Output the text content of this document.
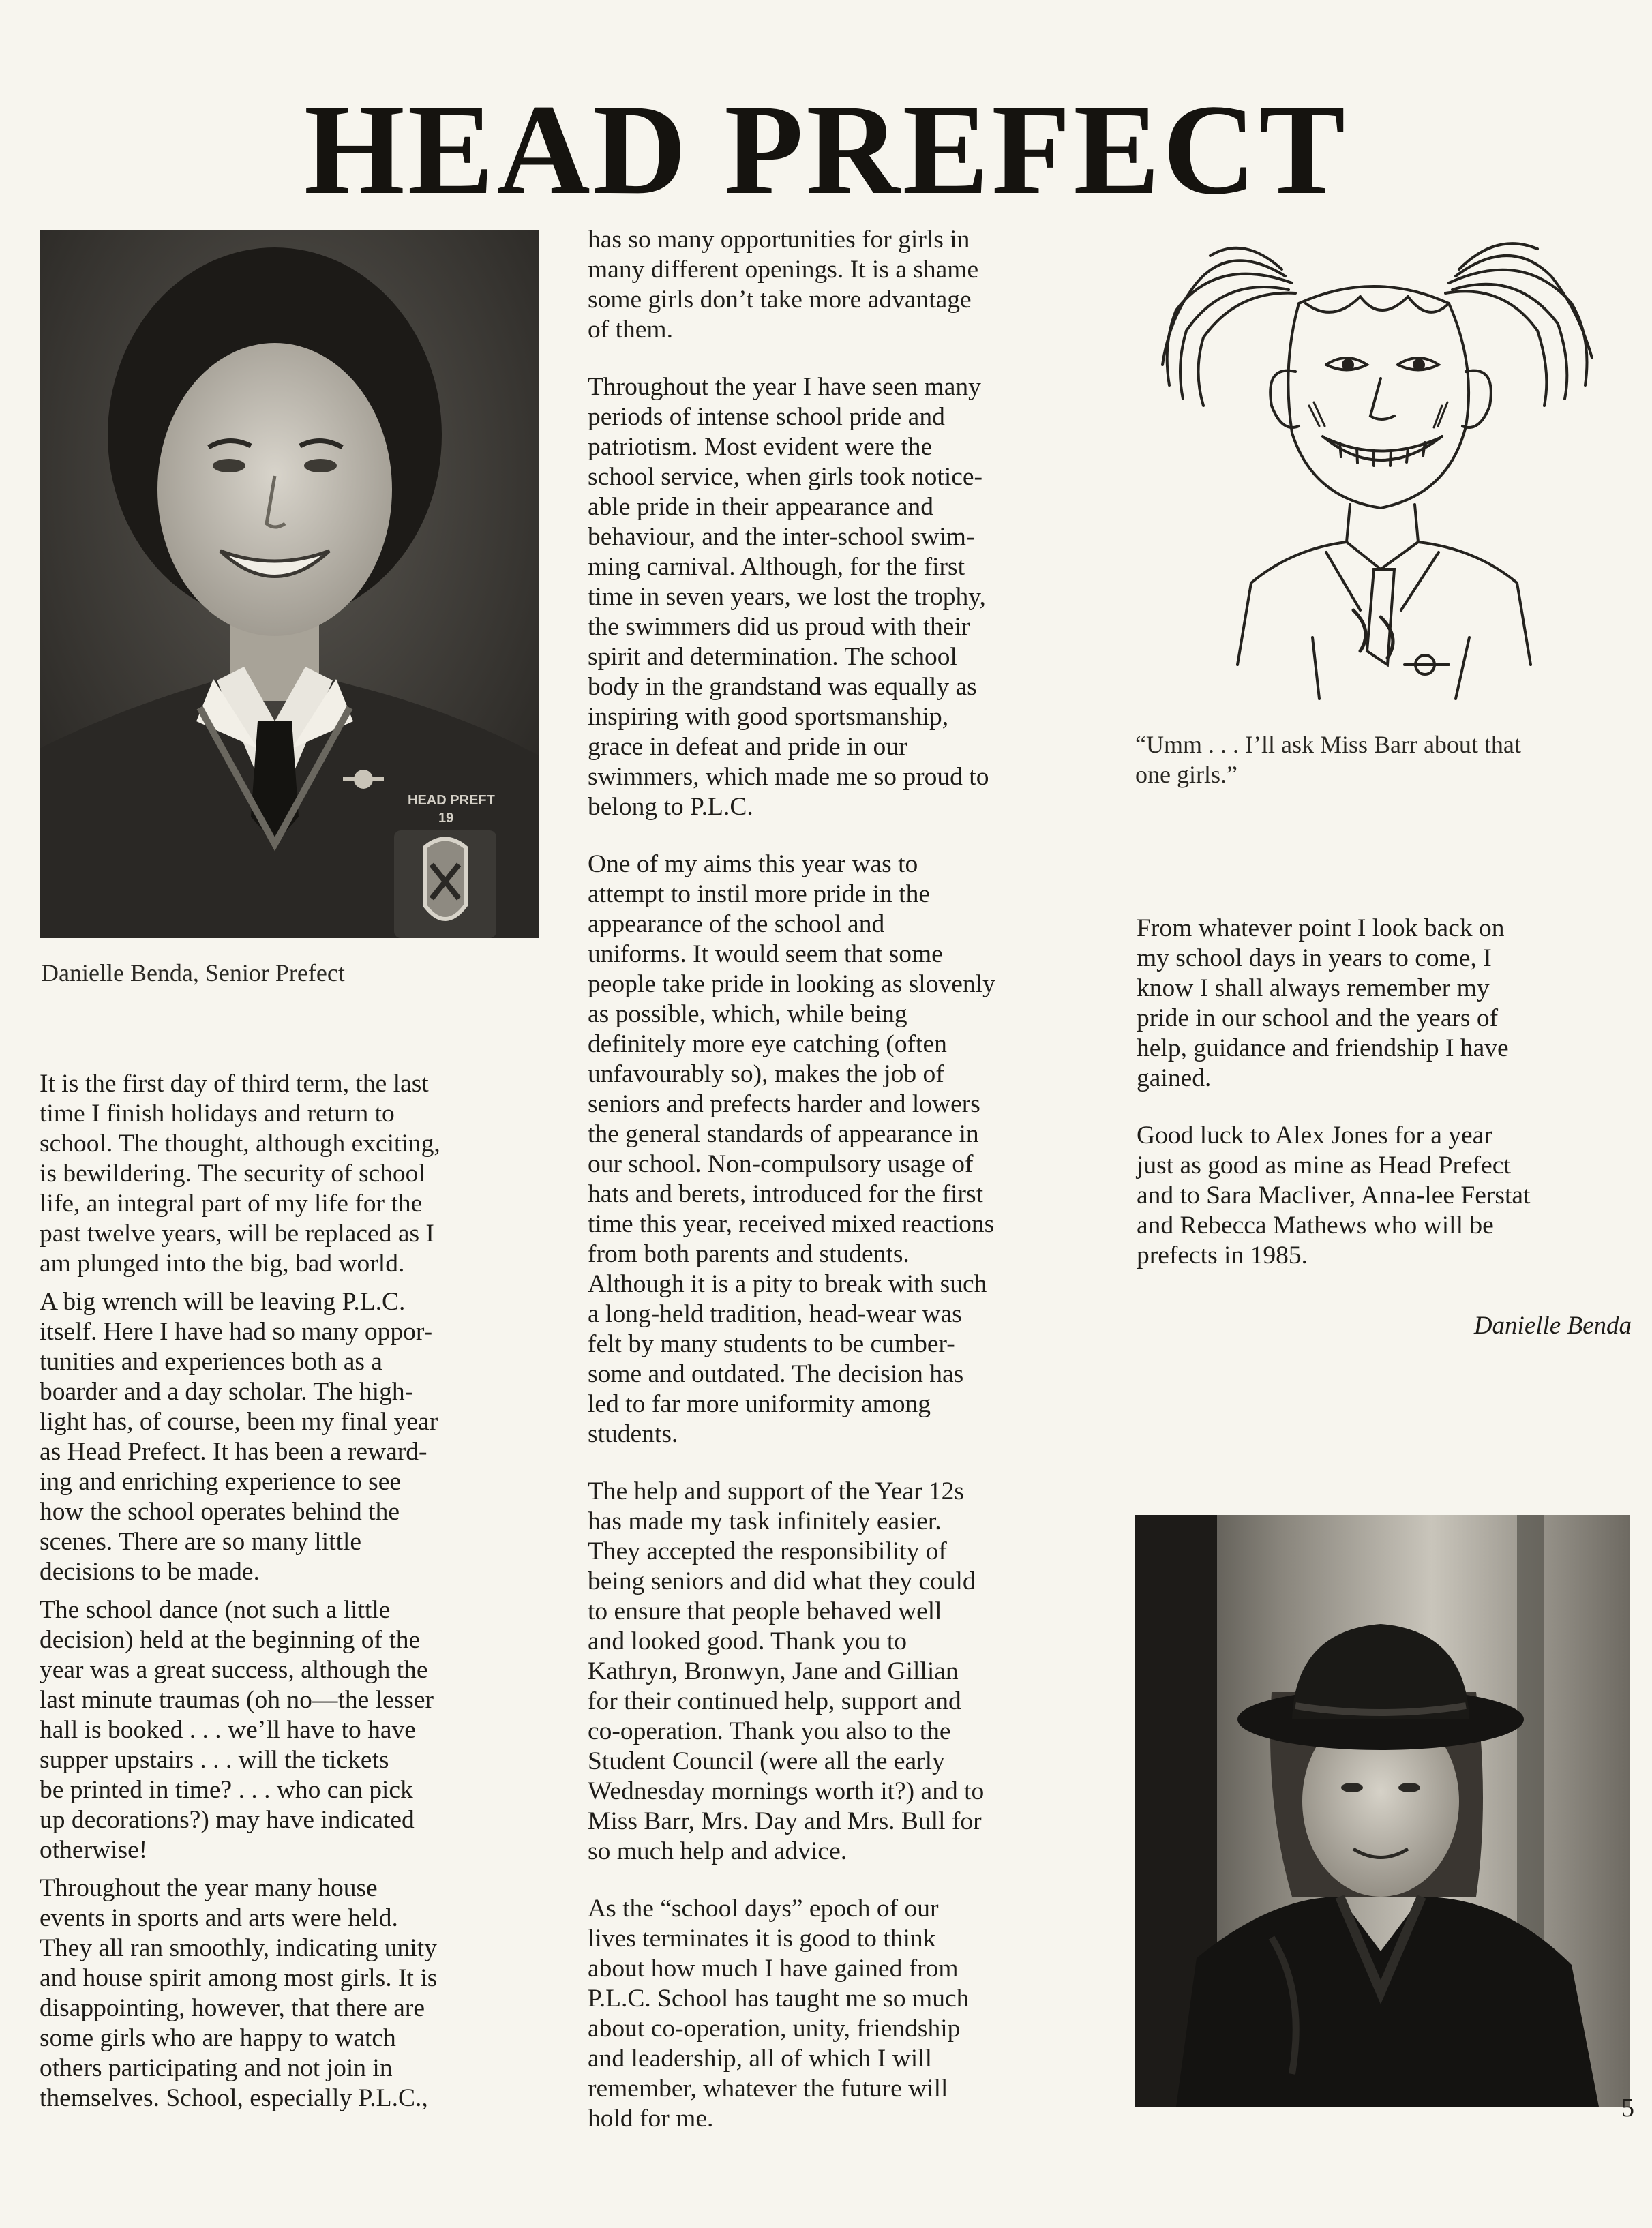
HEAD PREFECT
HEAD PREFT
19
Danielle Benda, Senior Prefect

It is the first day of third term, the last

time I finish holidays and return to

school. The thought, although exciting,

is bewildering. The security of school

life, an integral part of my life for the

past twelve years, will be replaced as I

am plunged into the big, bad world.

A big wrench will be leaving P.L.C.

itself. Here I have had so many oppor-

tunities and experiences both as a

boarder and a day scholar. The high-

light has, of course, been my final year

as Head Prefect. It has been a reward-

ing and enriching experience to see

how the school operates behind the

scenes. There are so many little

decisions to be made.

The school dance (not such a little

decision) held at the beginning of the

year was a great success, although the

last minute traumas (oh no—the lesser

hall is booked . . . we’ll have to have

supper upstairs . . . will the tickets

be printed in time? . . . who can pick

up decorations?) may have indicated

otherwise!

Throughout the year many house

events in sports and arts were held.

They all ran smoothly, indicating unity

and house spirit among most girls. It is

disappointing, however, that there are

some girls who are happy to watch

others participating and not join in

themselves. School, especially P.L.C.,

has so many opportunities for girls in

many different openings. It is a shame

some girls don’t take more advantage

of them.

Throughout the year I have seen many

periods of intense school pride and

patriotism. Most evident were the

school service, when girls took notice-

able pride in their appearance and

behaviour, and the inter-school swim-

ming carnival. Although, for the first

time in seven years, we lost the trophy,

the swimmers did us proud with their

spirit and determination. The school

body in the grandstand was equally as

inspiring with good sportsmanship,

grace in defeat and pride in our

swimmers, which made me so proud to

belong to P.L.C.

One of my aims this year was to

attempt to instil more pride in the

appearance of the school and

uniforms. It would seem that some

people take pride in looking as slovenly

as possible, which, while being

definitely more eye catching (often

unfavourably so), makes the job of

seniors and prefects harder and lowers

the general standards of appearance in

our school. Non-compulsory usage of

hats and berets, introduced for the first

time this year, received mixed reactions

from both parents and students.

Although it is a pity to break with such

a long-held tradition, head-wear was

felt by many students to be cumber-

some and outdated. The decision has

led to far more uniformity among

students.

The help and support of the Year 12s

has made my task infinitely easier.

They accepted the responsibility of

being seniors and did what they could

to ensure that people behaved well

and looked good. Thank you to

Kathryn, Bronwyn, Jane and Gillian

for their continued help, support and

co-operation. Thank you also to the

Student Council (were all the early

Wednesday mornings worth it?) and to

Miss Barr, Mrs. Day and Mrs. Bull for

so much help and advice.

As the “school days” epoch of our

lives terminates it is good to think

about how much I have gained from

P.L.C. School has taught me so much

about co-operation, unity, friendship

and leadership, all of which I will

remember, whatever the future will

hold for me.

“Umm . . . I’ll ask Miss Barr about that
one girls.”

From whatever point I look back on

my school days in years to come, I

know I shall always remember my

pride in our school and the years of

help, guidance and friendship I have

gained.

Good luck to Alex Jones for a year

just as good as mine as Head Prefect

and to Sara Macliver, Anna-lee Ferstat

and Rebecca Mathews who will be

prefects in 1985.

Danielle Benda
5
